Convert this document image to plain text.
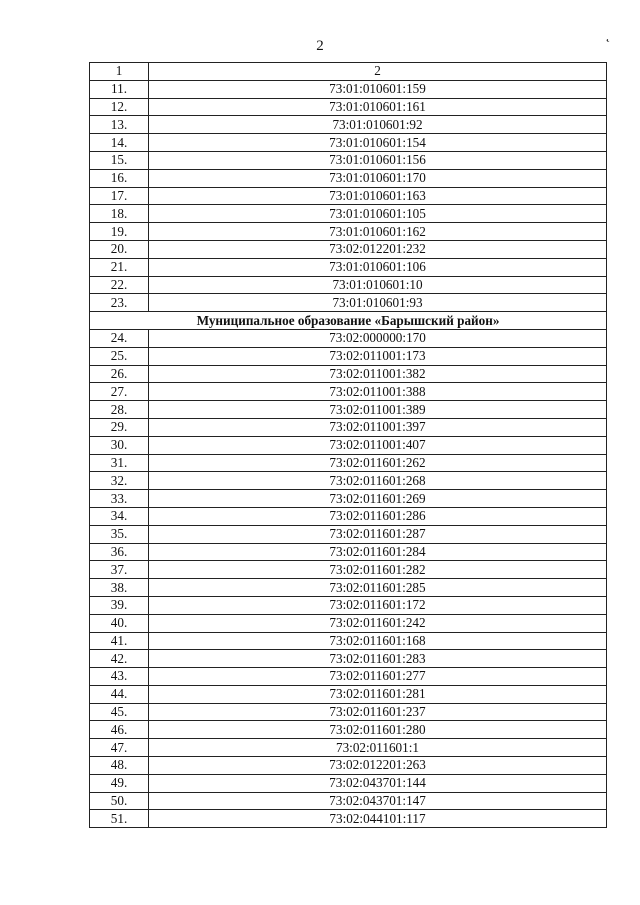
2
˛
1	2
11.	73:01:010601:159
12.	73:01:010601:161
13.	73:01:010601:92
14.	73:01:010601:154
15.	73:01:010601:156
16.	73:01:010601:170
17.	73:01:010601:163
18.	73:01:010601:105
19.	73:01:010601:162
20.	73:02:012201:232
21.	73:01:010601:106
22.	73:01:010601:10
23.	73:01:010601:93
Муниципальное образование «Барышский район»	
24.	73:02:000000:170
25.	73:02:011001:173
26.	73:02:011001:382
27.	73:02:011001:388
28.	73:02:011001:389
29.	73:02:011001:397
30.	73:02:011001:407
31.	73:02:011601:262
32.	73:02:011601:268
33.	73:02:011601:269
34.	73:02:011601:286
35.	73:02:011601:287
36.	73:02:011601:284
37.	73:02:011601:282
38.	73:02:011601:285
39.	73:02:011601:172
40.	73:02:011601:242
41.	73:02:011601:168
42.	73:02:011601:283
43.	73:02:011601:277
44.	73:02:011601:281
45.	73:02:011601:237
46.	73:02:011601:280
47.	73:02:011601:1
48.	73:02:012201:263
49.	73:02:043701:144
50.	73:02:043701:147
51.	73:02:044101:117
